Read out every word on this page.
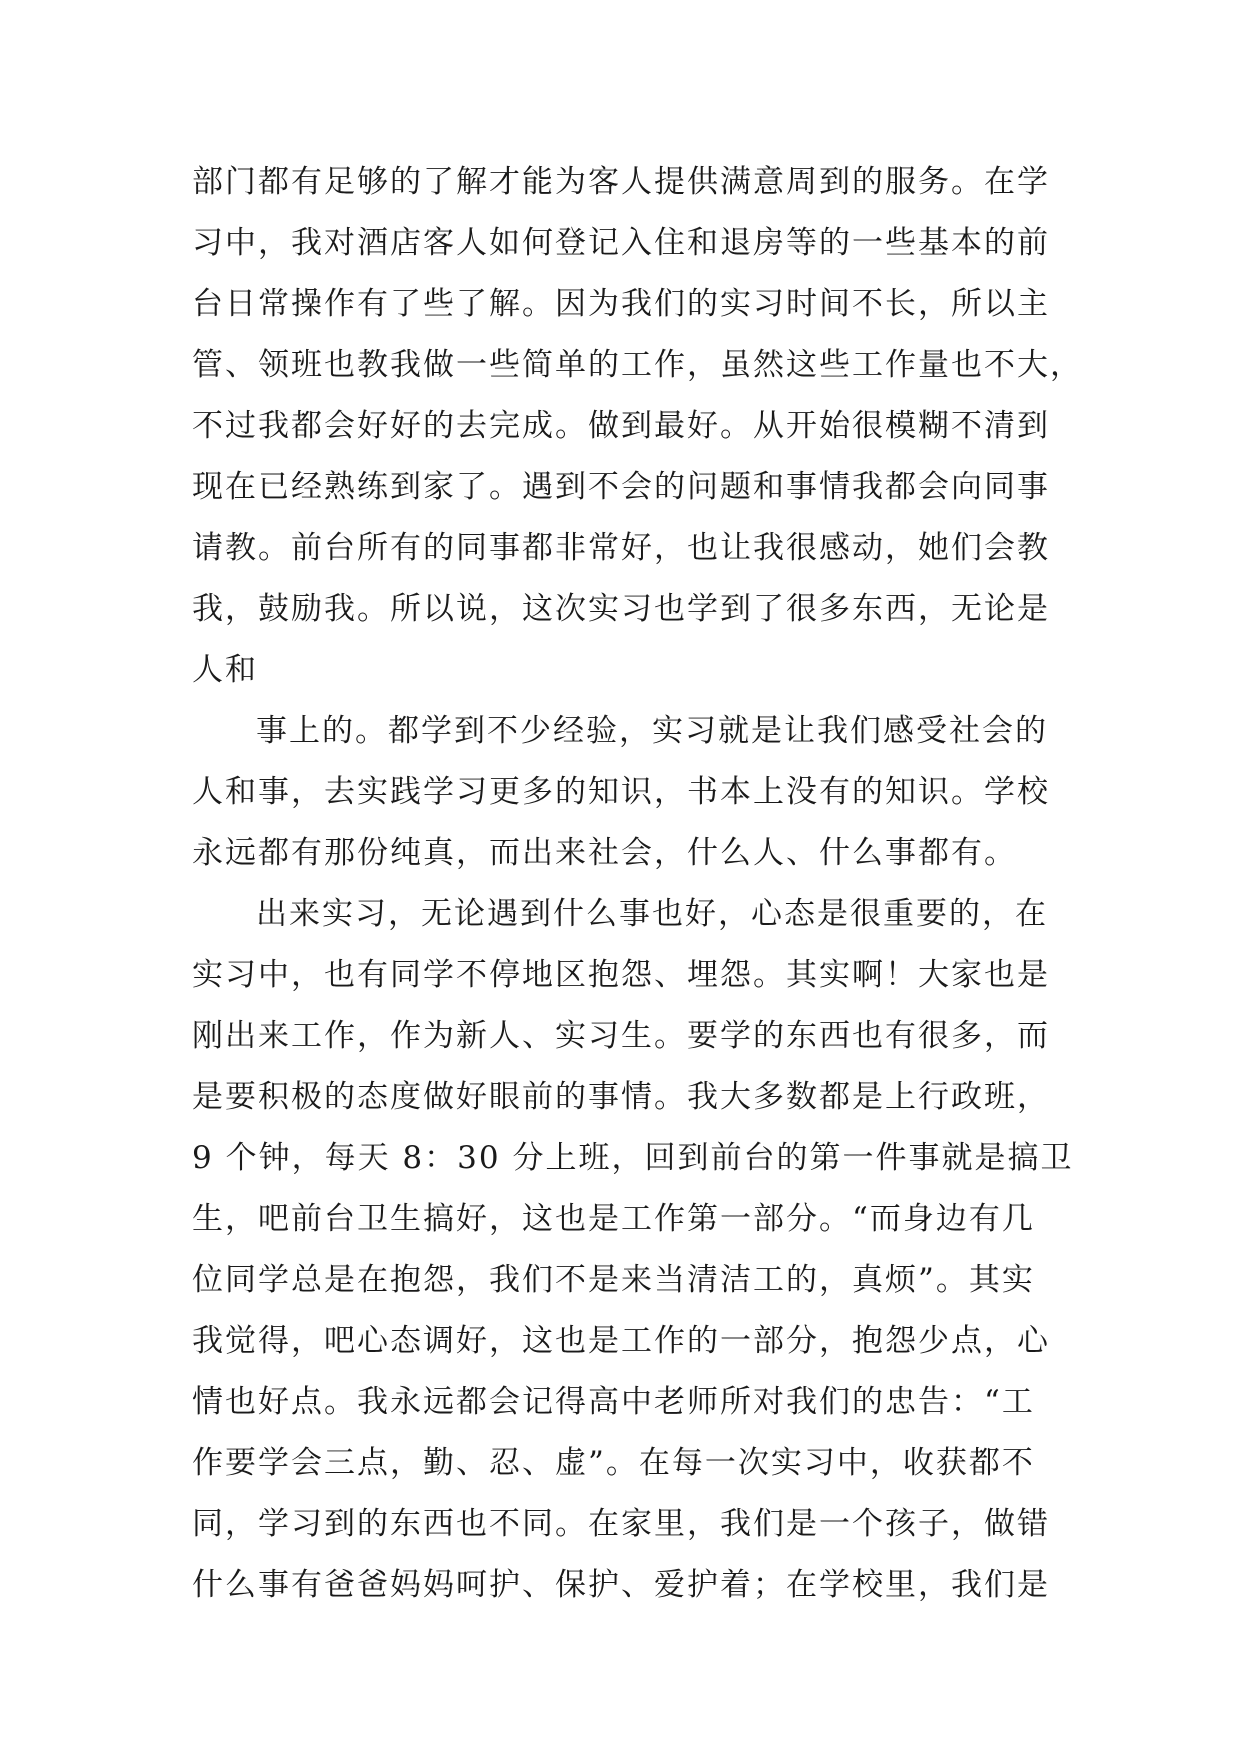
部门都有足够的了解才能为客人提供满意周到的服务。在学
习中，我对酒店客人如何登记入住和退房等的一些基本的前
台日常操作有了些了解。因为我们的实习时间不长，所以主
管、领班也教我做一些简单的工作，虽然这些工作量也不大，
不过我都会好好的去完成。做到最好。从开始很模糊不清到
现在已经熟练到家了。遇到不会的问题和事情我都会向同事
请教。前台所有的同事都非常好，也让我很感动，她们会教
我，鼓励我。所以说，这次实习也学到了很多东西，无论是
人和
事上的。都学到不少经验，实习就是让我们感受社会的
人和事，去实践学习更多的知识，书本上没有的知识。学校
永远都有那份纯真，而出来社会，什么人、什么事都有。
出来实习，无论遇到什么事也好，心态是很重要的，在
实习中，也有同学不停地区抱怨、埋怨。其实啊！大家也是
刚出来工作，作为新人、实习生。要学的东西也有很多，而
是要积极的态度做好眼前的事情。我大多数都是上行政班，
9 个钟，每天 8：30 分上班，回到前台的第一件事就是搞卫
生，吧前台卫生搞好，这也是工作第一部分。“而身边有几
位同学总是在抱怨，我们不是来当清洁工的，真烦”。其实
我觉得，吧心态调好，这也是工作的一部分，抱怨少点，心
情也好点。我永远都会记得高中老师所对我们的忠告：“工
作要学会三点，勤、忍、虚”。在每一次实习中，收获都不
同，学习到的东西也不同。在家里，我们是一个孩子，做错
什么事有爸爸妈妈呵护、保护、爱护着；在学校里，我们是
